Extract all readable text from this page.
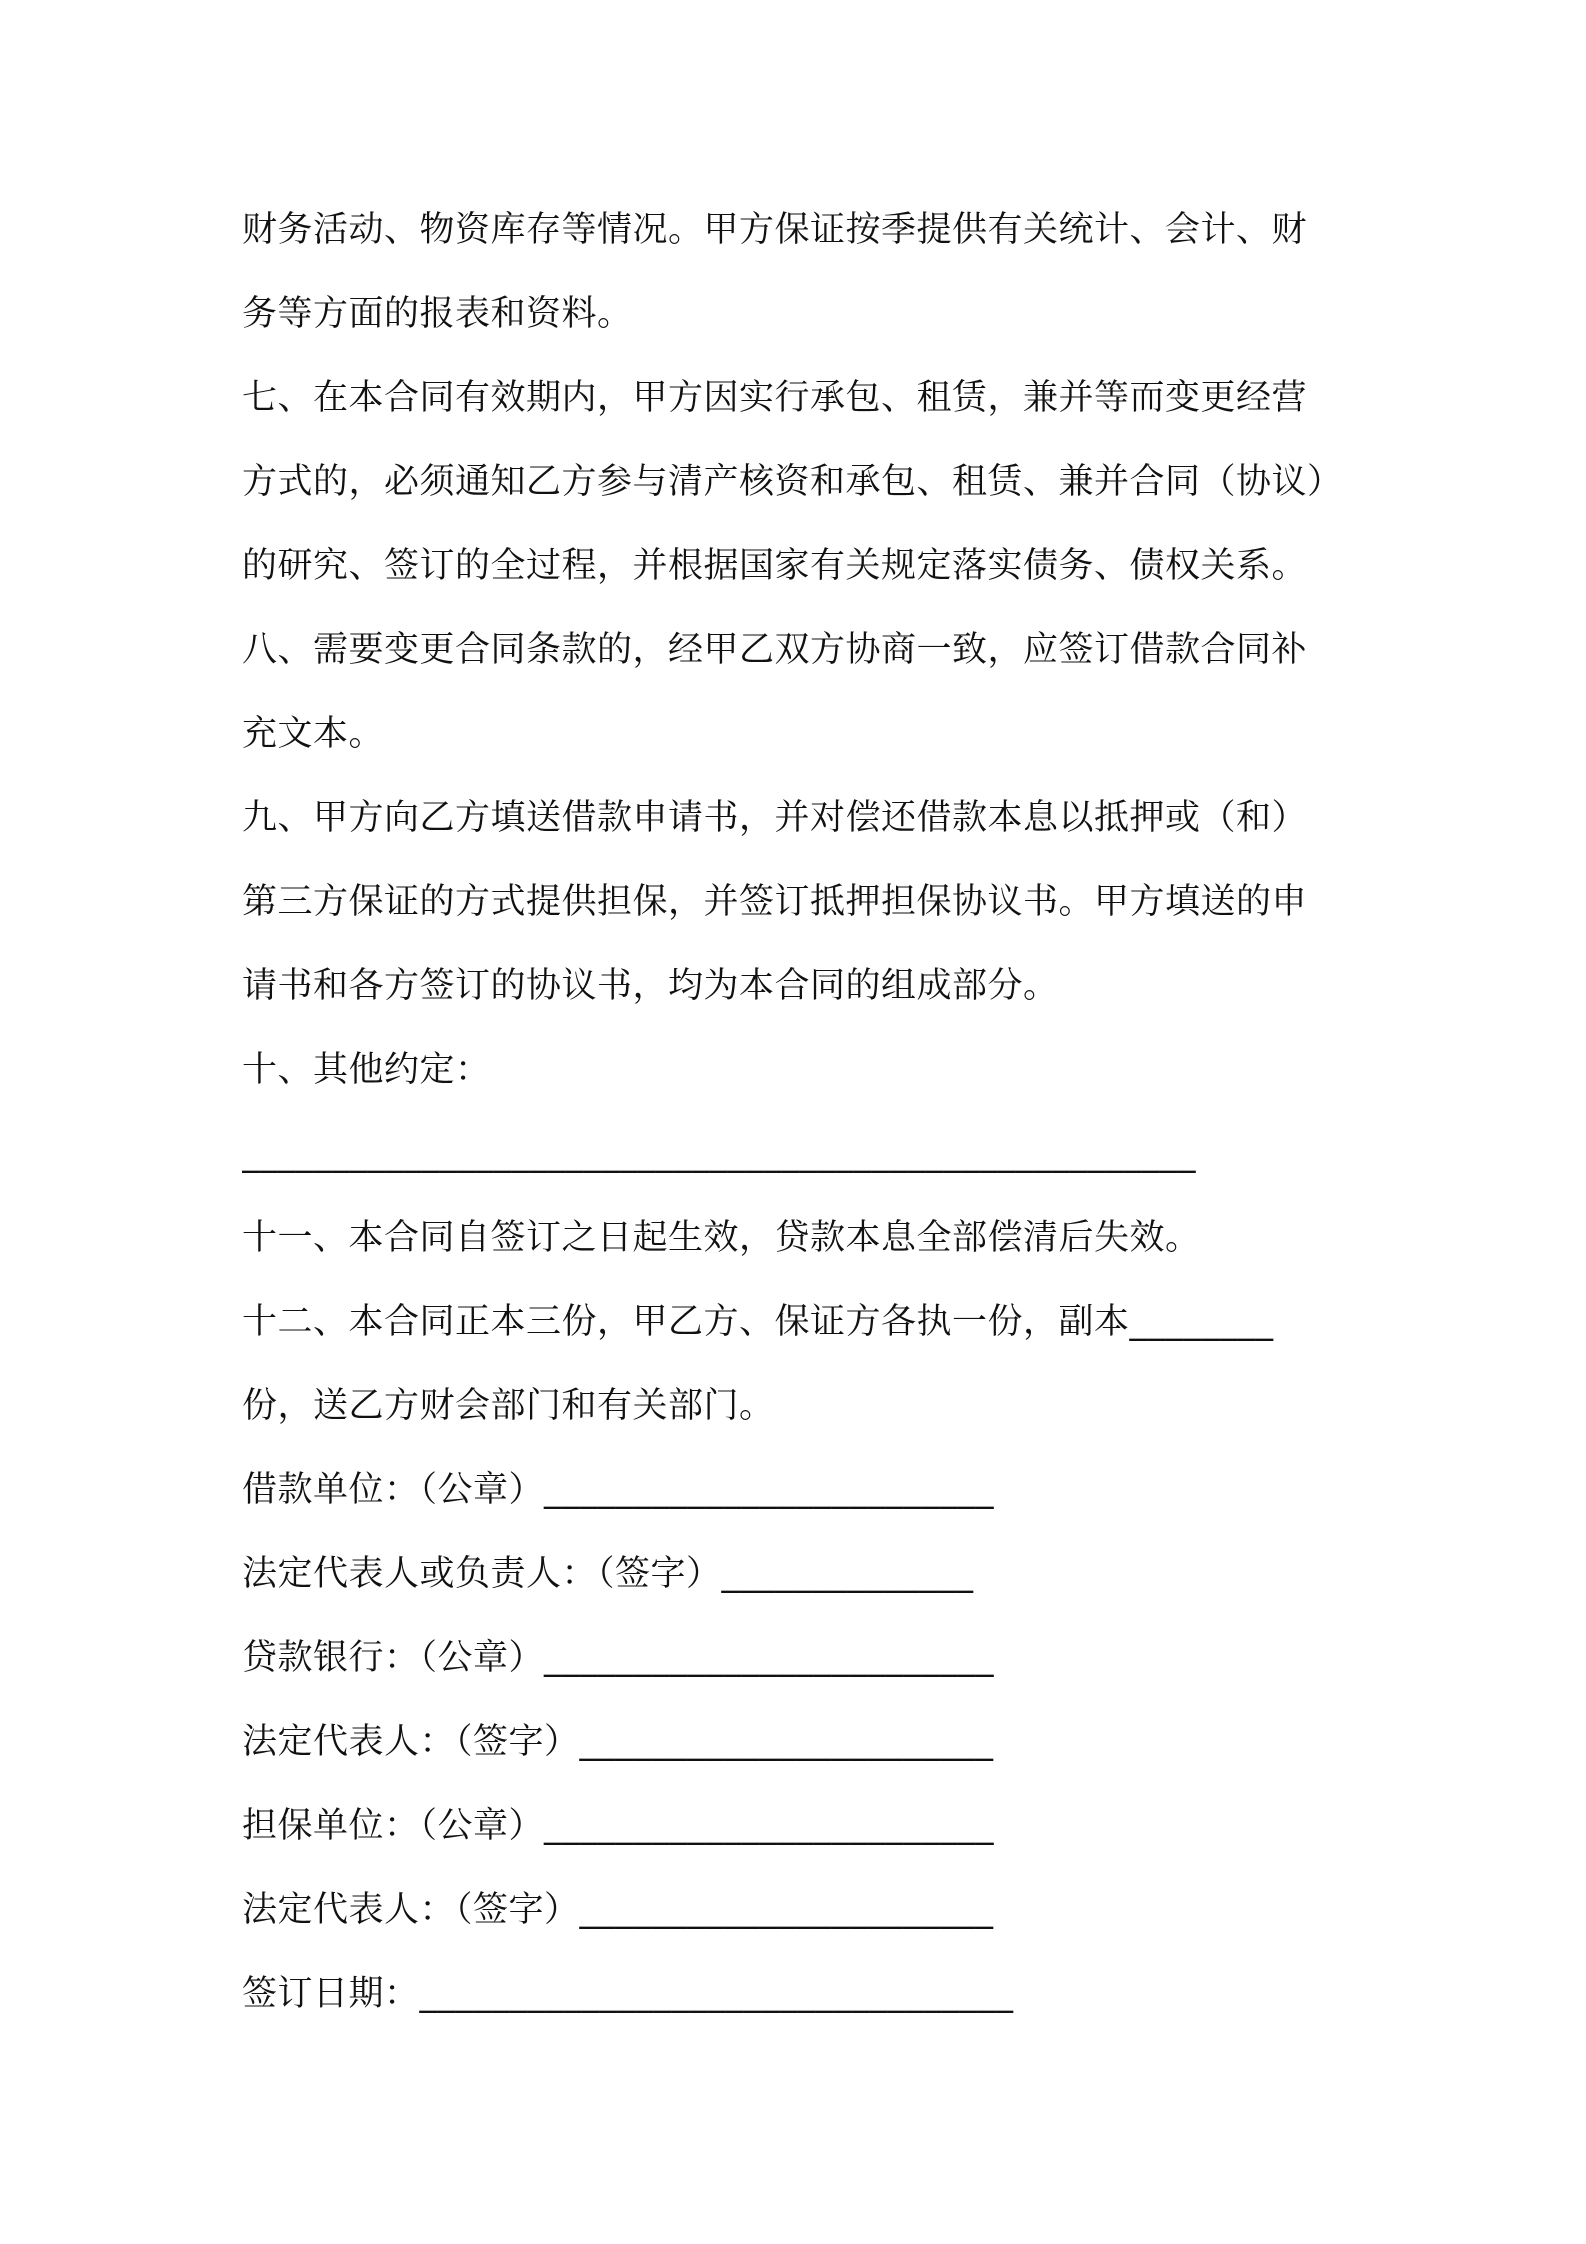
财务活动、物资库存等情况。甲方保证按季提供有关统计、会计、财
务等方面的报表和资料。
七、在本合同有效期内，甲方因实行承包、租赁，兼并等而变更经营
方式的，必须通知乙方参与清产核资和承包、租赁、兼并合同（协议）
的研究、签订的全过程，并根据国家有关规定落实债务、债权关系。
八、需要变更合同条款的，经甲乙双方协商一致，应签订借款合同补
充文本。
九、甲方向乙方填送借款申请书，并对偿还借款本息以抵押或（和）
第三方保证的方式提供担保，并签订抵押担保协议书。甲方填送的申
请书和各方签订的协议书，均为本合同的组成部分。
十、其他约定：
_____________________________________________________
十一、本合同自签订之日起生效，贷款本息全部偿清后失效。
十二、本合同正本三份，甲乙方、保证方各执一份，副本________
份，送乙方财会部门和有关部门。
借款单位：（公章）_________________________
法定代表人或负责人：（签字）______________
贷款银行：（公章）_________________________
法定代表人：（签字）_______________________
担保单位：（公章）_________________________
法定代表人：（签字）_______________________
签订日期：_________________________________
